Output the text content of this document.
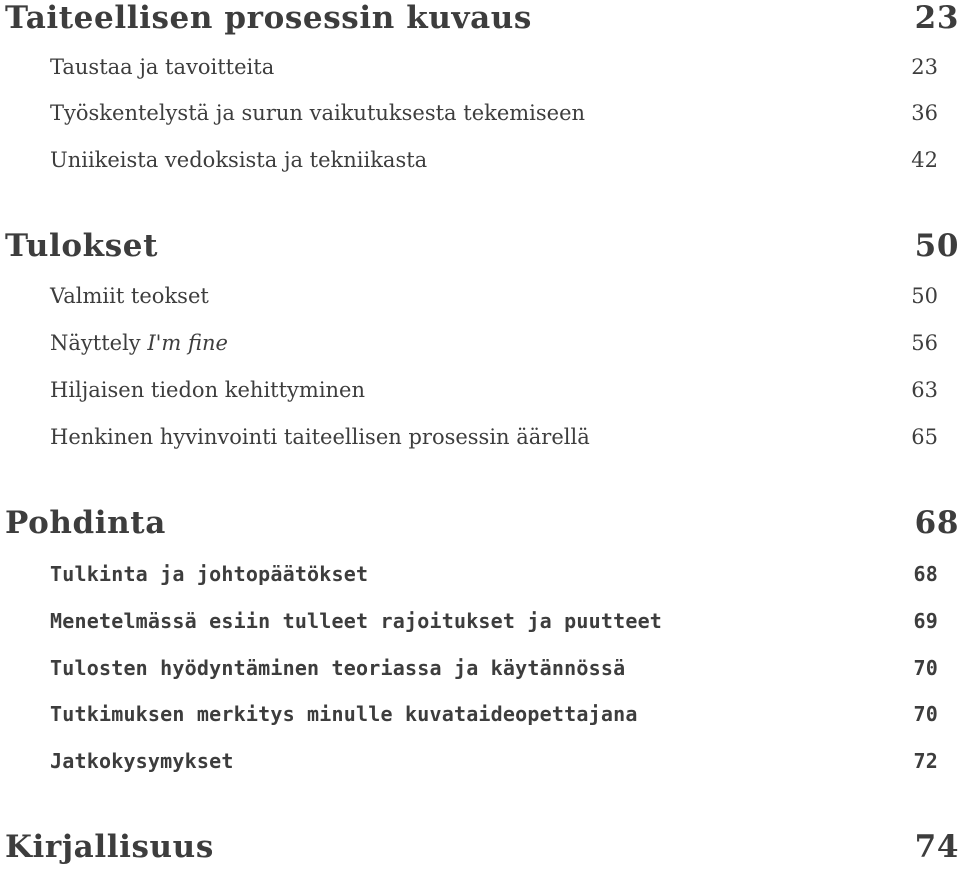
Taiteellisen prosessin kuvaus	23
Taustaa ja tavoitteita	23
Työskentelystä ja surun vaikutuksesta tekemiseen	36
Uniikeista vedoksista ja tekniikasta	42
Tulokset	50
Valmiit teokset	50
Näyttely I'm fine	56
Hiljaisen tiedon kehittyminen	63
Henkinen hyvinvointi taiteellisen prosessin äärellä	65
Pohdinta	68
Tulkinta ja johtopäätökset	68
Menetelmässä esiin tulleet rajoitukset ja puutteet	69
Tulosten hyödyntäminen teoriassa ja käytännössä	70
Tutkimuksen merkitys minulle kuvataideopettajana	70
Jatkokysymykset	72
Kirjallisuus	74
